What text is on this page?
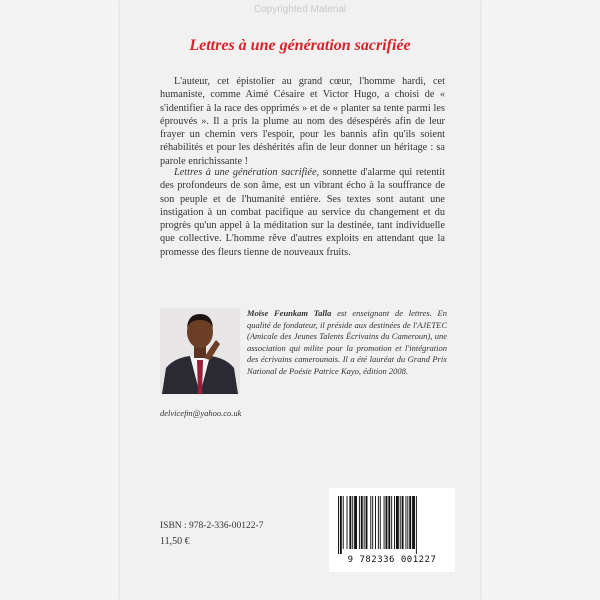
Copyrighted Material
Lettres à une génération sacrifiée
L'auteur, cet épistolier au grand cœur, l'homme hardi, cet humaniste, comme Aimé Césaire et Victor Hugo, a choisi de « s'identifier à la race des opprimés » et de « planter sa tente parmi les éprouvés ». Il a pris la plume au nom des désespérés afin de leur frayer un chemin vers l'espoir, pour les bannis afin qu'ils soient réhabilités et pour les déshérités afin de leur donner un héritage : sa parole enrichissante !
Lettres à une génération sacrifiée, sonnette d'alarme qui retentit des profondeurs de son âme, est un vibrant écho à la souffrance de son peuple et de l'humanité entière. Ses textes sont autant une instigation à un combat pacifique au service du changement et du progrès qu'un appel à la méditation sur la destinée, tant individuelle que collective. L'homme rêve d'autres exploits en attendant que la promesse des fleurs tienne de nouveaux fruits.
Moïse Feunkam Talla est enseignant de lettres. En qualité de fondateur, il préside aux destinées de l'AJETEC (Amicale des Jeunes Talents Écrivains du Cameroun), une association qui milite pour la promotion et l'intégration des écrivains camerounais. Il a été lauréat du Grand Prix National de Poésie Patrice Kayo, édition 2008.
delvicefm@yahoo.co.uk
ISBN : 978-2-336-00122-7
11,50 €
9 782336 001227
